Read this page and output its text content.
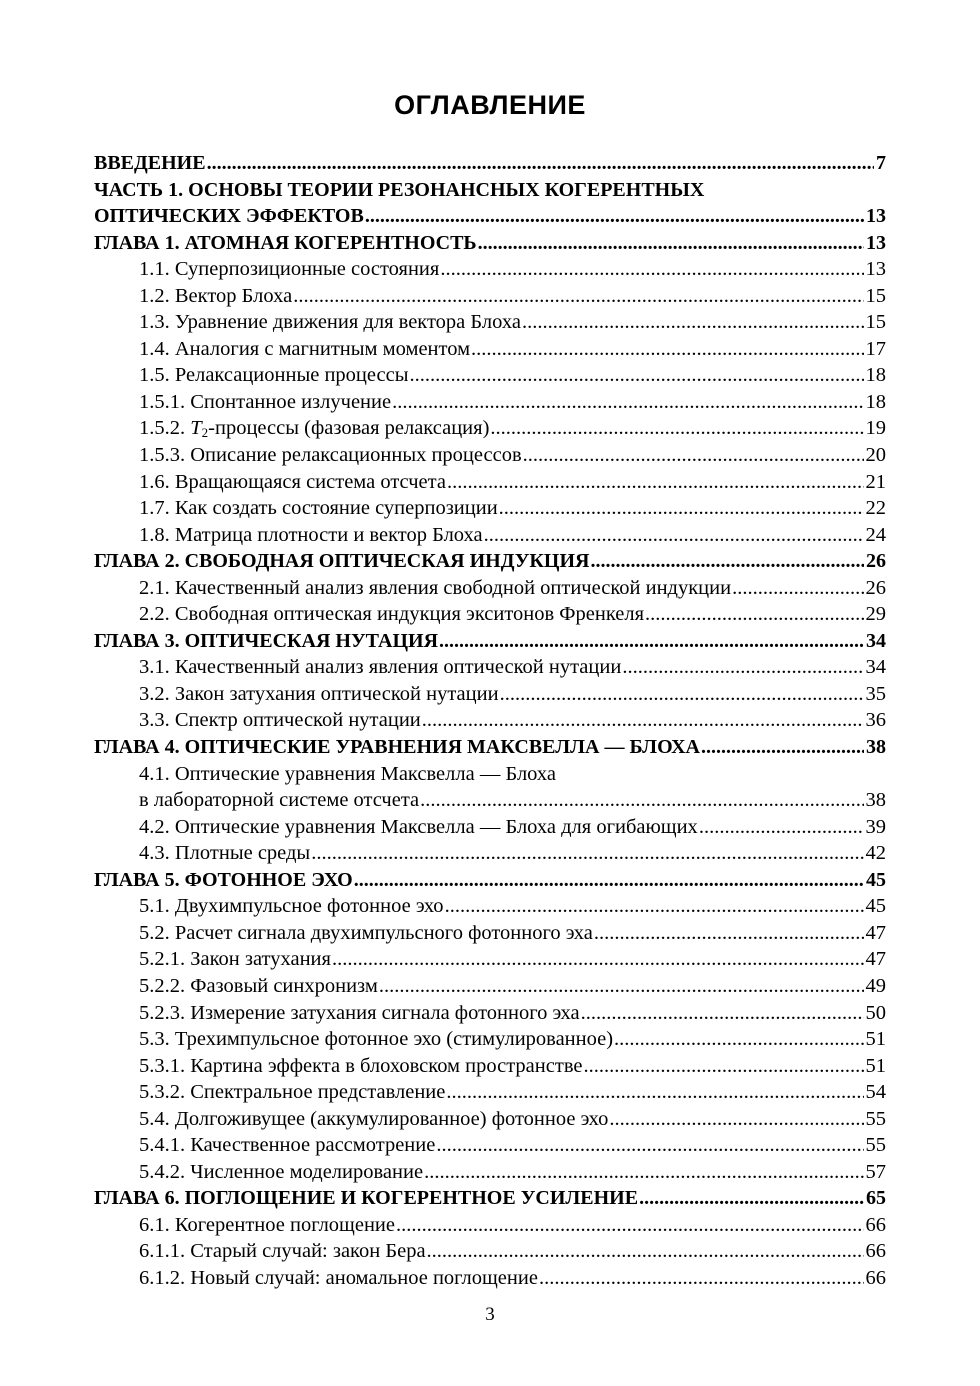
ОГЛАВЛЕНИЕ
ВВЕДЕНИЕ .....	7
ЧАСТЬ 1. ОСНОВЫ ТЕОРИИ РЕЗОНАНСНЫХ КОГЕРЕНТНЫХ
ОПТИЧЕСКИХ ЭФФЕКТОВ .....	13
ГЛАВА 1. АТОМНАЯ КОГЕРЕНТНОСТЬ .....	13
1.1. Суперпозиционные состояния .....	13
1.2. Вектор Блоха .....	15
1.3. Уравнение движения для вектора Блоха .....	15
1.4. Аналогия с магнитным моментом .....	17
1.5. Релаксационные процессы .....	18
1.5.1. Спонтанное излучение .....	18
1.5.2. $T_2$-процессы (фазовая релаксация) .....	19
1.5.3. Описание релаксационных процессов .....	20
1.6. Вращающаяся система отсчета .....	21
1.7. Как создать состояние суперпозиции .....	22
1.8. Матрица плотности и вектор Блоха .....	24
ГЛАВА 2. СВОБОДНАЯ ОПТИЧЕСКАЯ ИНДУКЦИЯ .....	26
2.1. Качественный анализ явления свободной оптической индукции .....	26
2.2. Свободная оптическая индукция экситонов Френкеля .....	29
ГЛАВА 3. ОПТИЧЕСКАЯ НУТАЦИЯ .....	34
3.1. Качественный анализ явления оптической нутации .....	34
3.2. Закон затухания оптической нутации .....	35
3.3. Спектр оптической нутации .....	36
ГЛАВА 4. ОПТИЧЕСКИЕ УРАВНЕНИЯ МАКСВЕЛЛА — БЛОХА .....	38
4.1. Оптические уравнения Максвелла — Блоха
в лабораторной системе отсчета .....	38
4.2. Оптические уравнения Максвелла — Блоха для огибающих .....	39
4.3. Плотные среды .....	42
ГЛАВА 5. ФОТОННОЕ ЭХО .....	45
5.1. Двухимпульсное фотонное эхо .....	45
5.2. Расчет сигнала двухимпульсного фотонного эха .....	47
5.2.1. Закон затухания .....	47
5.2.2. Фазовый синхронизм .....	49
5.2.3. Измерение затухания сигнала фотонного эха .....	50
5.3. Трехимпульсное фотонное эхо (стимулированное) .....	51
5.3.1. Картина эффекта в блоховском пространстве .....	51
5.3.2. Спектральное представление .....	54
5.4. Долгоживущее (аккумулированное) фотонное эхо .....	55
5.4.1. Качественное рассмотрение .....	55
5.4.2. Численное моделирование .....	57
ГЛАВА 6. ПОГЛОЩЕНИЕ И КОГЕРЕНТНОЕ УСИЛЕНИЕ .....	65
6.1. Когерентное поглощение .....	66
6.1.1. Старый случай: закон Бера .....	66
6.1.2. Новый случай: аномальное поглощение .....	66
3
